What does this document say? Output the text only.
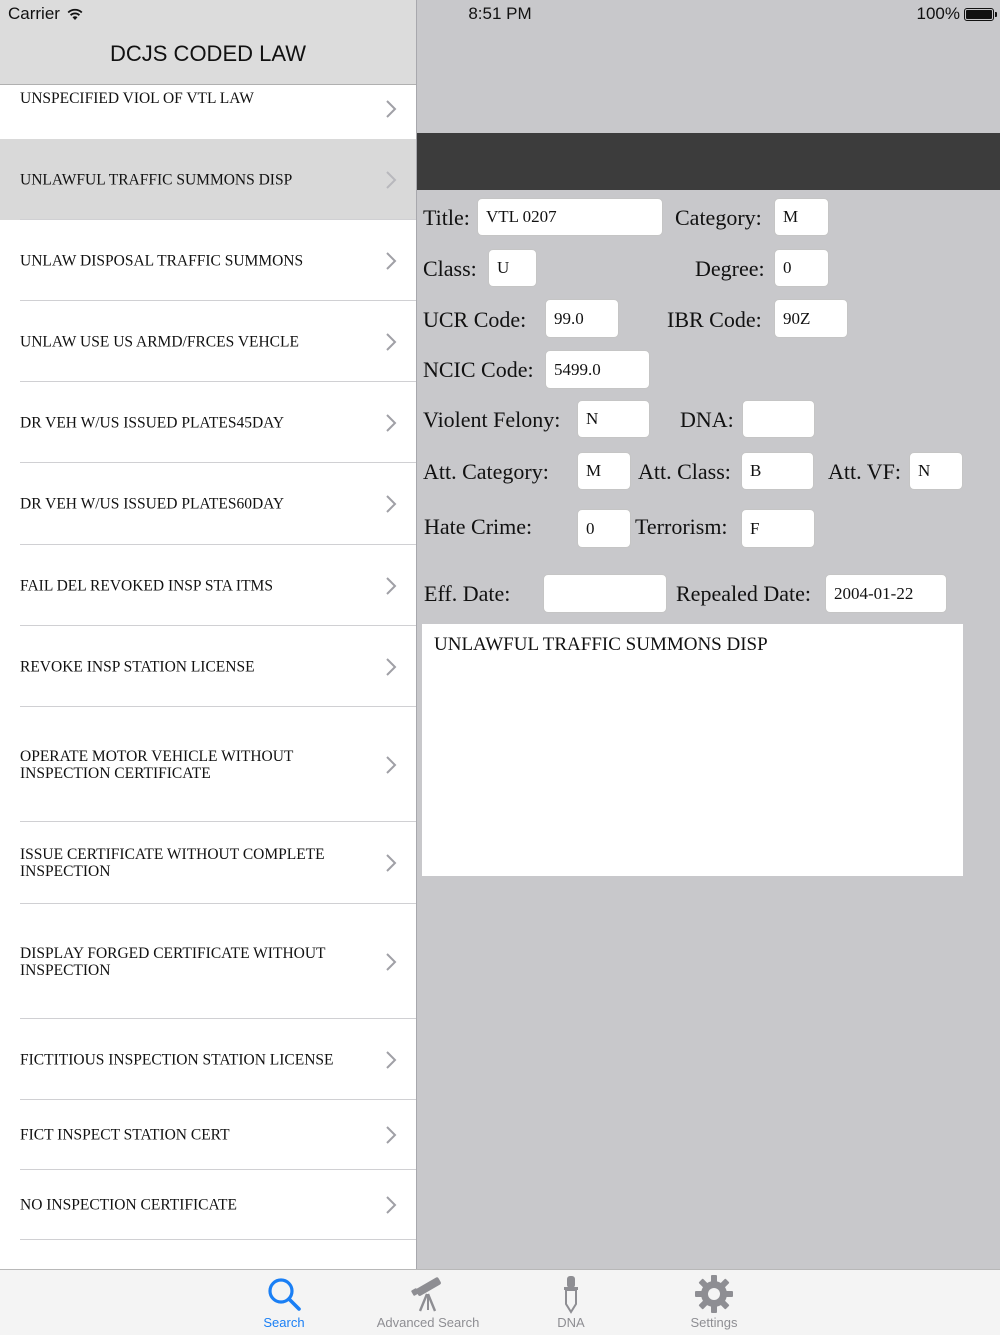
Carrier	8:51 PM	100%
DCJS CODED LAW
UNSPECIFIED VIOL OF VTL LAW
UNLAWFUL TRAFFIC SUMMONS DISP
UNLAW DISPOSAL TRAFFIC SUMMONS
UNLAW USE US ARMD/FRCES VEHCLE
DR VEH W/US ISSUED PLATES45DAY
DR VEH W/US ISSUED PLATES60DAY
FAIL DEL REVOKED INSP STA ITMS
REVOKE INSP STATION LICENSE
OPERATE MOTOR VEHICLE WITHOUT INSPECTION CERTIFICATE
ISSUE CERTIFICATE WITHOUT COMPLETE INSPECTION
DISPLAY FORGED CERTIFICATE WITHOUT INSPECTION
FICTITIOUS INSPECTION STATION LICENSE
FICT INSPECT STATION CERT
NO INSPECTION CERTIFICATE
Title: VTL 0207	Category:	M
Class:	U	Degree:	0
UCR Code:	99.0	IBR Code:	90Z
NCIC Code:	5499.0
Violent Felony:	N	DNA:
Att. Category:	M	Att. Class:	B	Att. VF:	N
Hate Crime:	0	Terrorism:	F
Eff. Date:	Repealed Date:	2004-01-22
UNLAWFUL TRAFFIC SUMMONS DISP
Search	Advanced Search	DNA	Settings
